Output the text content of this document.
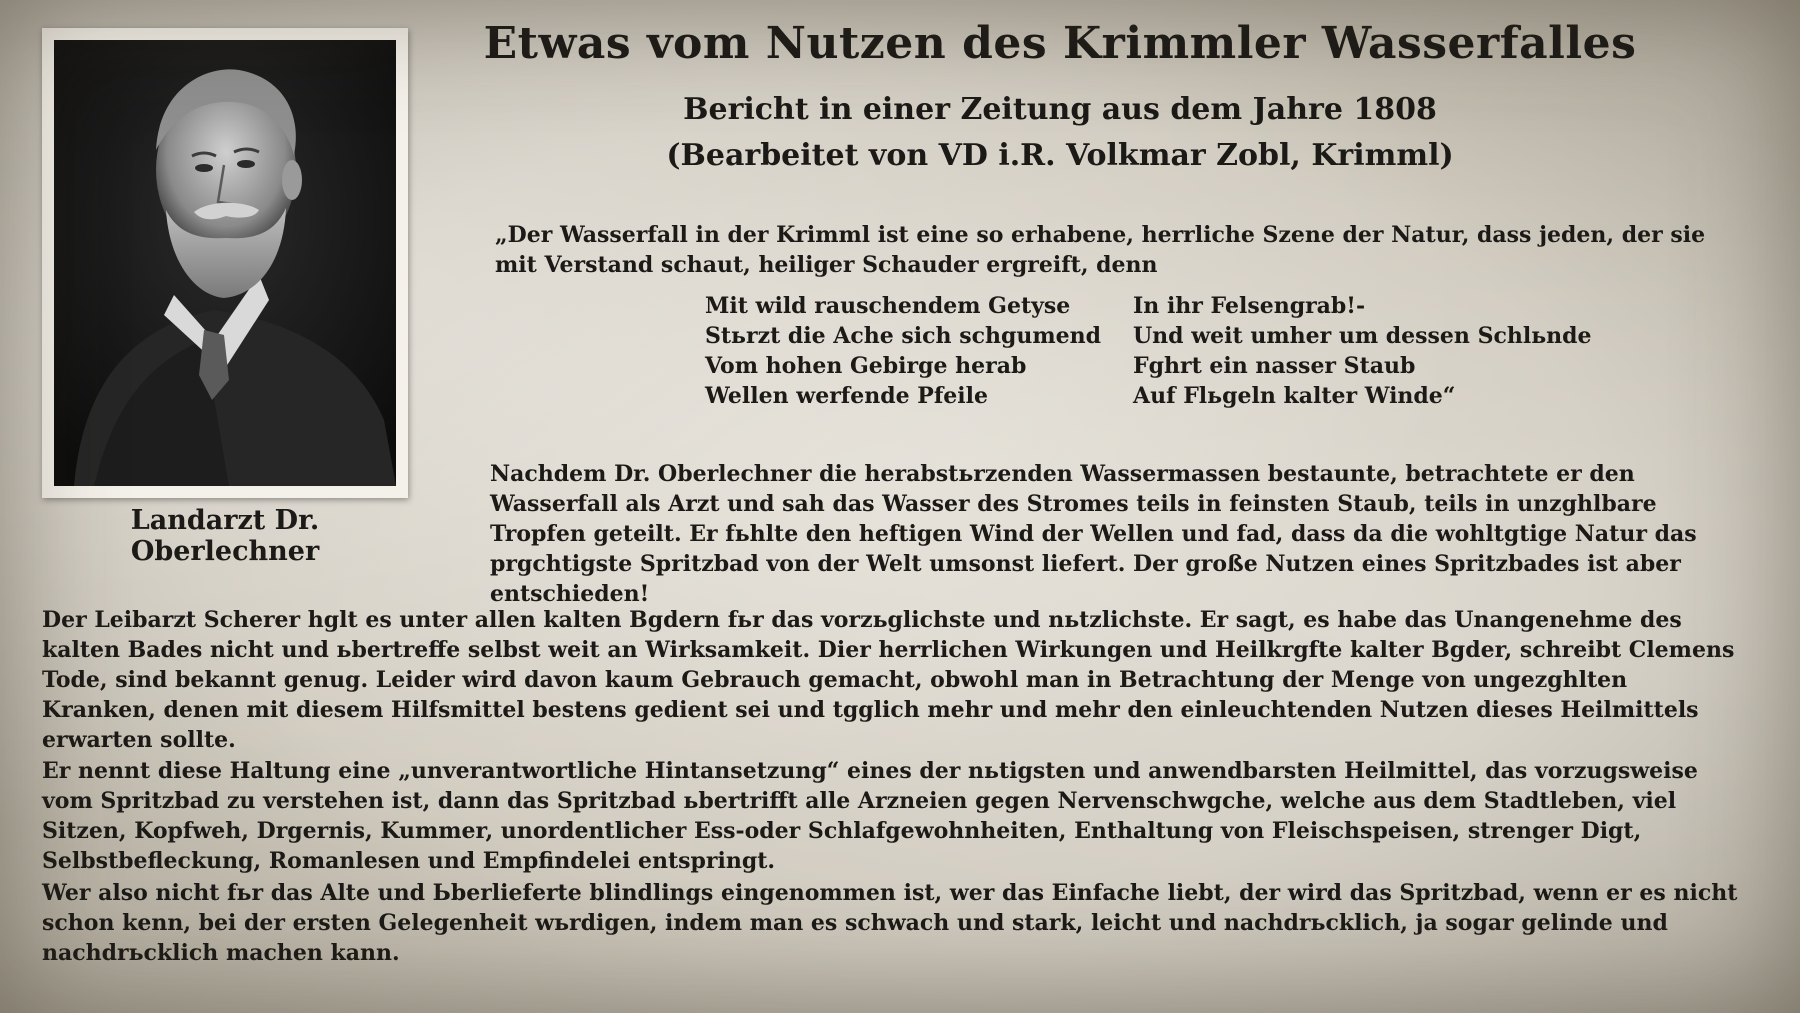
Landarzt Dr. Oberlechner
Etwas vom Nutzen des Krimmler Wasserfalles
Bericht in einer Zeitung aus dem Jahre 1808
(Bearbeitet von VD i.R. Volkmar Zobl, Krimml)
„Der Wasserfall in der Krimml ist eine so erhabene, herrliche Szene der Natur, dass jeden, der sie mit Verstand schaut, heiliger Schauder ergreift, denn
Mit wild rauschendem Getyse
Stьrzt die Ache sich schgumend
Vom hohen Gebirge herab
Wellen werfende Pfeile
In ihr Felsengrab!-
Und weit umher um dessen Schlьnde
Fghrt ein nasser Staub
Auf Flьgeln kalter Winde“
Nachdem Dr. Oberlechner die herabstьrzenden Wassermassen bestaunte, betrachtete er den Wasserfall als Arzt und sah das Wasser des Stromes teils in feinsten Staub, teils in unzghlbare Tropfen geteilt. Er fьhlte den heftigen Wind der Wellen und fad, dass da die wohltgtige Natur das prgchtigste Spritzbad von der Welt umsonst liefert. Der große Nutzen eines Spritzbades ist aber entschieden!
Der Leibarzt Scherer hglt es unter allen kalten Bgdern fьr das vorzьglichste und nьtzlichste. Er sagt, es habe das Unangenehme des kalten Bades nicht und ьbertreffe selbst weit an Wirksamkeit. Dier herrlichen Wirkungen und Heilkrgfte kalter Bgder, schreibt Clemens Tode, sind bekannt genug. Leider wird davon kaum Gebrauch gemacht, obwohl man in Betrachtung der Menge von ungezghlten Kranken, denen mit diesem Hilfsmittel bestens gedient sei und tgglich mehr und mehr den einleuchtenden Nutzen dieses Heilmittels erwarten sollte.
Er nennt diese Haltung eine „unverantwortliche Hintansetzung“ eines der nьtigsten und anwendbarsten Heilmittel, das vorzugsweise vom Spritzbad zu verstehen ist, dann das Spritzbad ьbertrifft alle Arzneien gegen Nervenschwgche, welche aus dem Stadtleben, viel Sitzen, Kopfweh, Drgernis, Kummer, unordentlicher Ess-oder Schlafgewohnheiten, Enthaltung von Fleischspeisen, strenger Digt, Selbstbefleckung, Romanlesen und Empfindelei entspringt.
Wer also nicht fьr das Alte und Ьberlieferte blindlings eingenommen ist, wer das Einfache liebt, der wird das Spritzbad, wenn er es nicht schon kenn, bei der ersten Gelegenheit wьrdigen, indem man es schwach und stark, leicht und nachdrьcklich, ja sogar gelinde und nachdrьcklich machen kann.
